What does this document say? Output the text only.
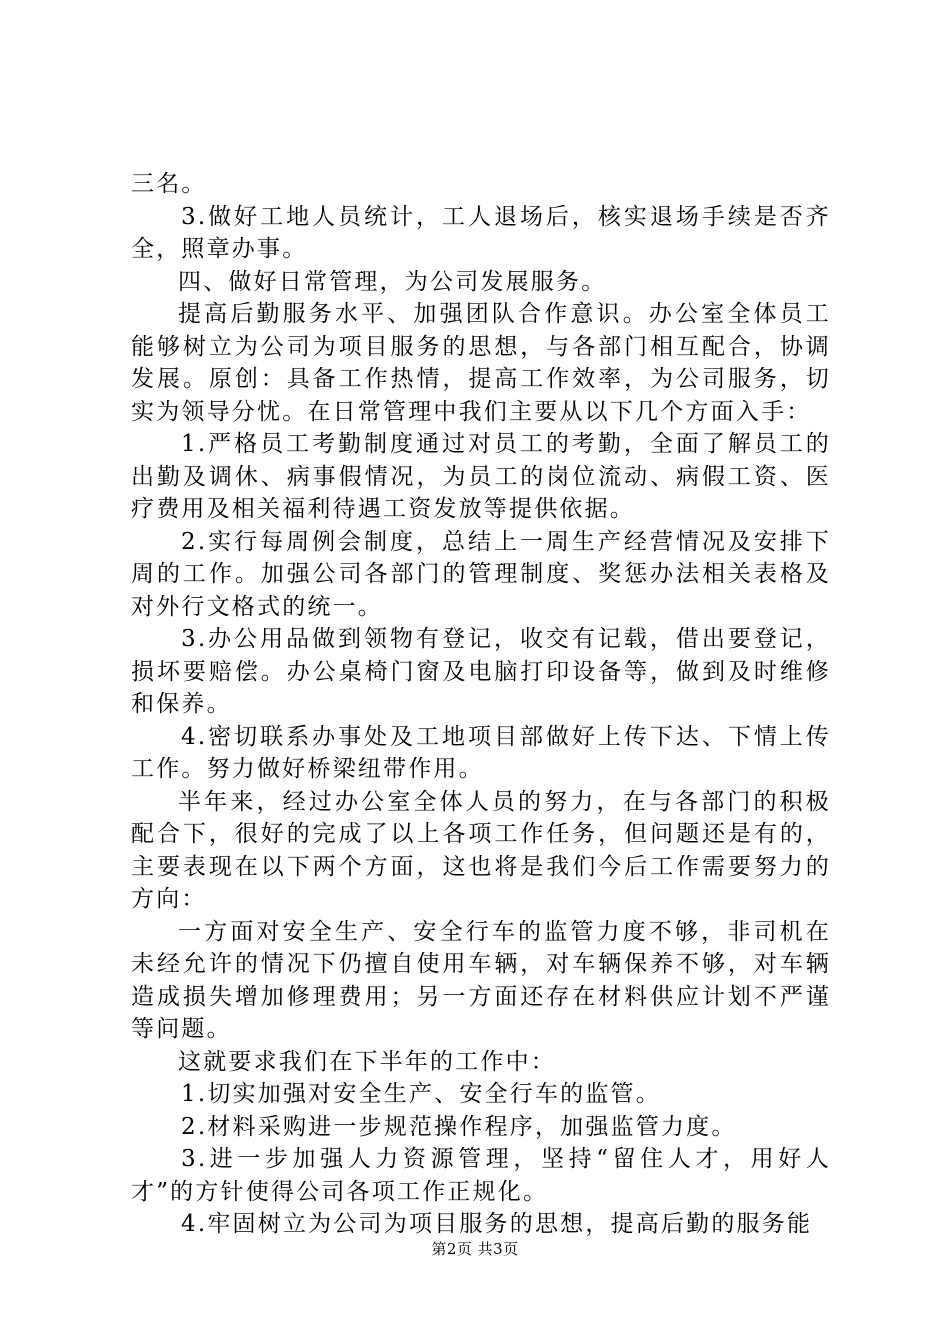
三名。

3.做好工地人员统计，工人退场后，核实退场手续是否齐全，照章办事。

四、做好日常管理，为公司发展服务。

提高后勤服务水平、加强团队合作意识。办公室全体员工能够树立为公司为项目服务的思想，与各部门相互配合，协调发展。原创：具备工作热情，提高工作效率，为公司服务，切实为领导分忧。在日常管理中我们主要从以下几个方面入手：

1.严格员工考勤制度通过对员工的考勤，全面了解员工的出勤及调休、病事假情况，为员工的岗位流动、病假工资、医疗费用及相关福利待遇工资发放等提供依据。

2.实行每周例会制度，总结上一周生产经营情况及安排下周的工作。加强公司各部门的管理制度、奖惩办法相关表格及对外行文格式的统一。

3.办公用品做到领物有登记，收交有记载，借出要登记，损坏要赔偿。办公桌椅门窗及电脑打印设备等，做到及时维修和保养。

4.密切联系办事处及工地项目部做好上传下达、下情上传工作。努力做好桥梁纽带作用。

半年来，经过办公室全体人员的努力，在与各部门的积极配合下，很好的完成了以上各项工作任务，但问题还是有的，主要表现在以下两个方面，这也将是我们今后工作需要努力的方向：

一方面对安全生产、安全行车的监管力度不够，非司机在未经允许的情况下仍擅自使用车辆，对车辆保养不够，对车辆造成损失增加修理费用；另一方面还存在材料供应计划不严谨等问题。

这就要求我们在下半年的工作中：

1.切实加强对安全生产、安全行车的监管。

2.材料采购进一步规范操作程序，加强监管力度。

3.进一步加强人力资源管理，坚持“留住人才，用好人才”的方针使得公司各项工作正规化。

4.牢固树立为公司为项目服务的思想，提高后勤的服务能

第2页 共3页
